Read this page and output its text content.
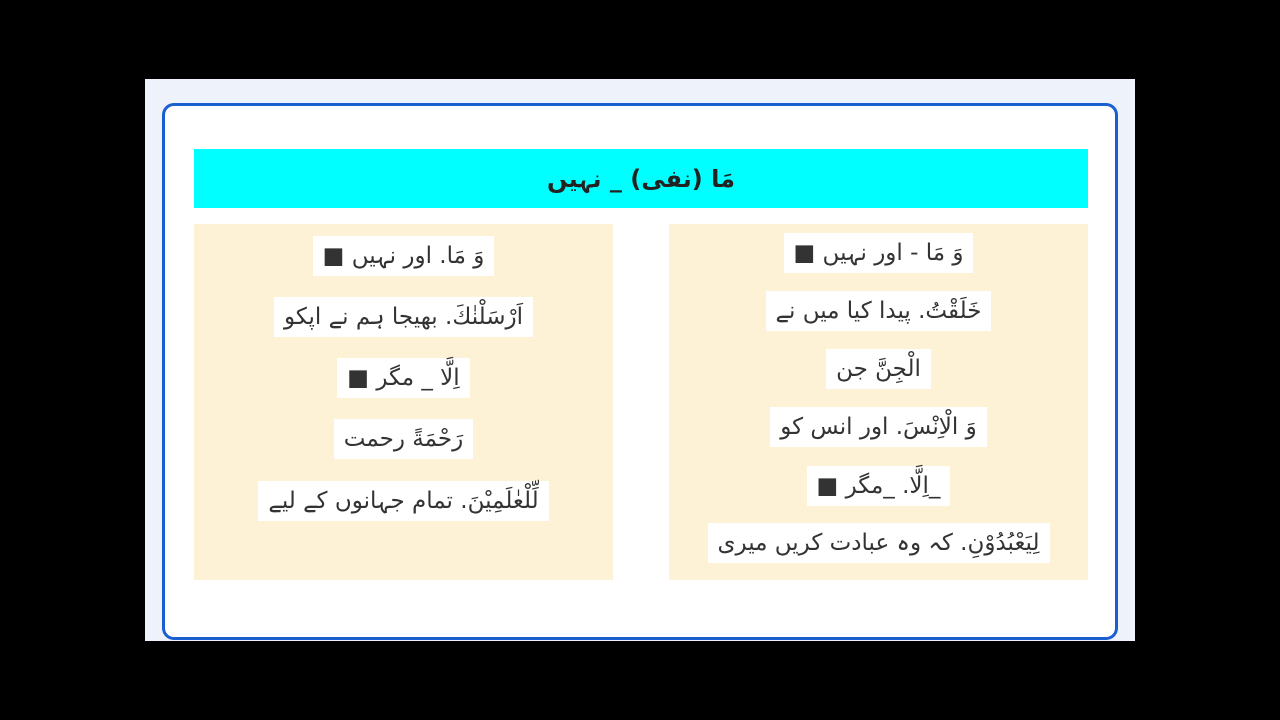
مَا (نفی) _ نہیں
وَ مَا. اور نہیں ■
اَرْسَلْنٰكَ. بھیجا ہم نے اپکو
اِلَّا _ مگر ■
رَحْمَةً رحمت
لِّلْعٰلَمِيْنَ. تمام جہانوں کے لیے
وَ مَا - اور نہیں ■
خَلَقْتُ. پیدا کیا میں نے
الْجِنَّ جن
وَ الْاِنْسَ. اور انس کو
_اِلَّا. _مگر ■
لِيَعْبُدُوْنِ. کہ وہ عبادت کریں میری
